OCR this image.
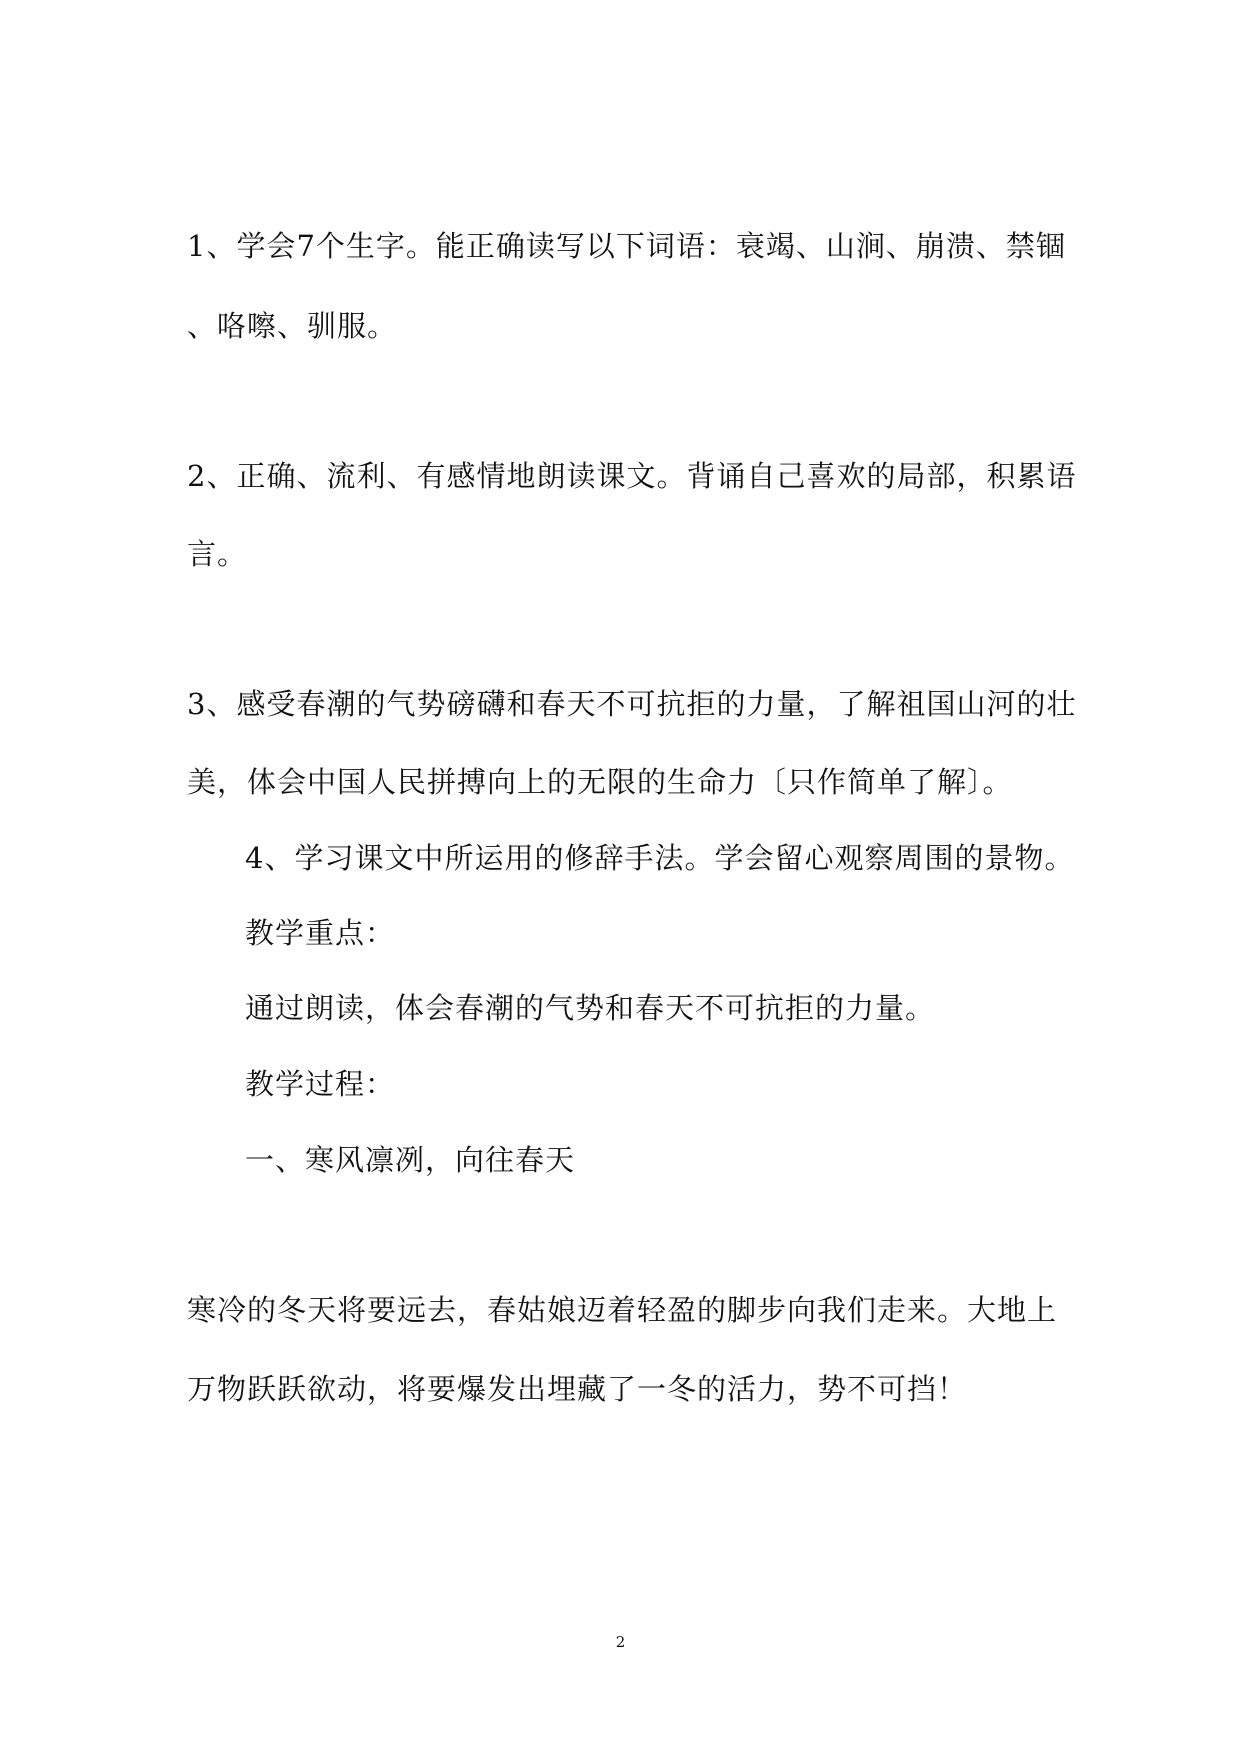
1、学会7个生字。能正确读写以下词语：衰竭、山涧、崩溃、禁锢
、咯嚓、驯服。
2、正确、流利、有感情地朗读课文。背诵自己喜欢的局部，积累语
言。
3、感受春潮的气势磅礴和春天不可抗拒的力量，了解祖国山河的壮
美，体会中国人民拼搏向上的无限的生命力〔只作简单了解〕。
4、学习课文中所运用的修辞手法。学会留心观察周围的景物。
教学重点：
通过朗读，体会春潮的气势和春天不可抗拒的力量。
教学过程：
一、寒风凛冽，向往春天
寒冷的冬天将要远去，春姑娘迈着轻盈的脚步向我们走来。大地上
万物跃跃欲动，将要爆发出埋藏了一冬的活力，势不可挡！
2
